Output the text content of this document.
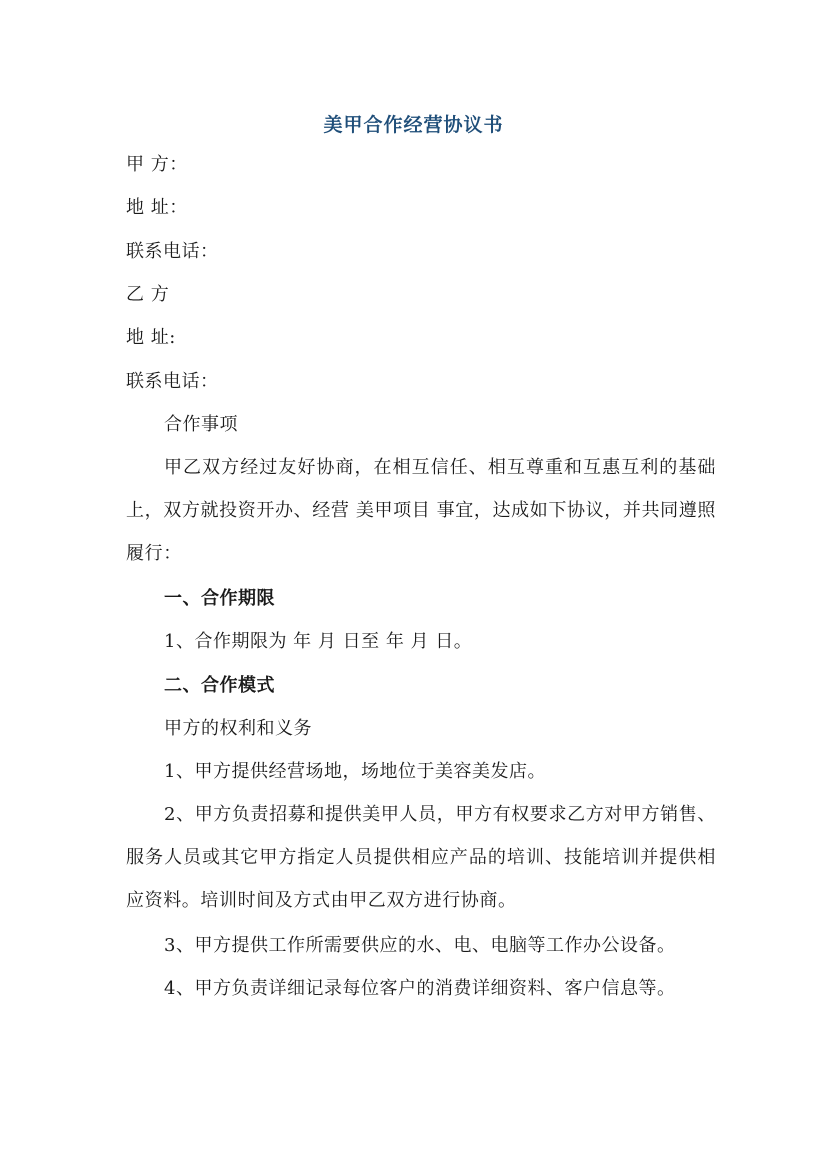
美甲合作经营协议书
甲 方：
地 址：
联系电话：
乙 方
地 址:
联系电话：
合作事项
甲乙双方经过友好协商，在相互信任、相互尊重和互惠互利的基础上，双方就投资开办、经营 美甲项目 事宜，达成如下协议，并共同遵照履行：
一、合作期限
1、合作期限为 年 月 日至 年 月 日。
二、合作模式
甲方的权利和义务
1、甲方提供经营场地，场地位于美容美发店。
2、甲方负责招募和提供美甲人员，甲方有权要求乙方对甲方销售、服务人员或其它甲方指定人员提供相应产品的培训、技能培训并提供相应资料。培训时间及方式由甲乙双方进行协商。
3、甲方提供工作所需要供应的水、电、电脑等工作办公设备。
4、甲方负责详细记录每位客户的消费详细资料、客户信息等。
